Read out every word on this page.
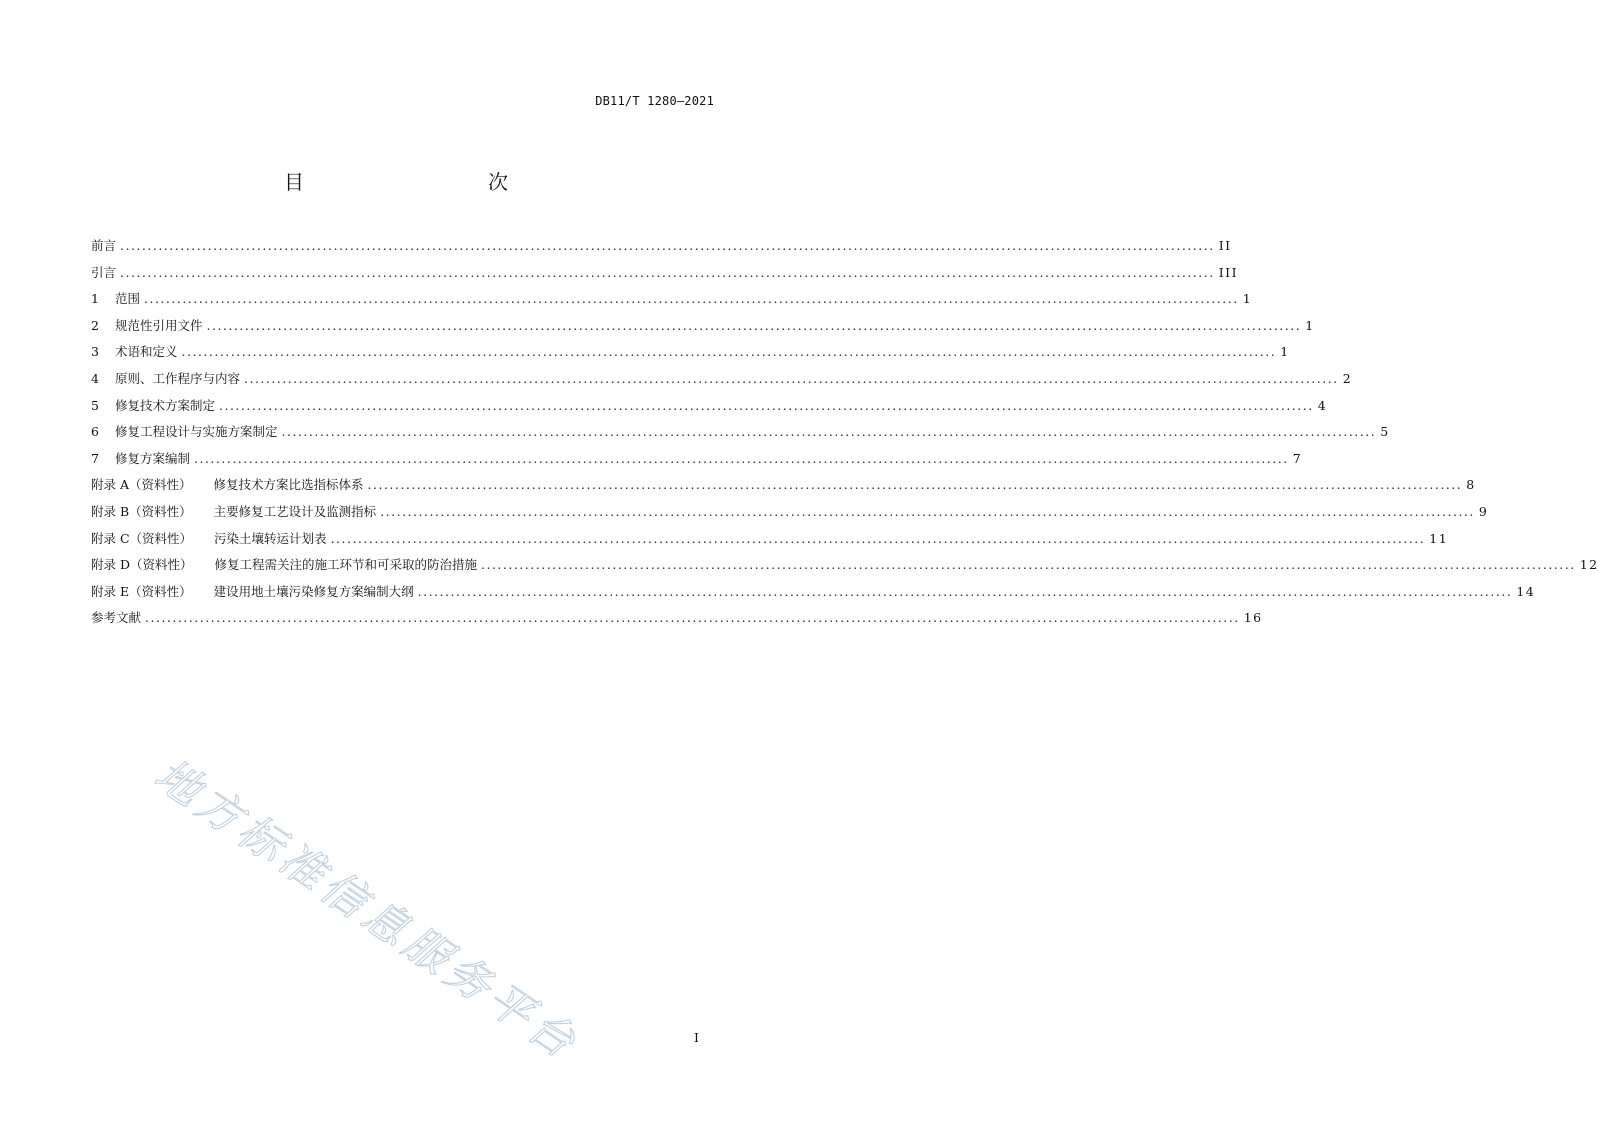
DB11/T 1280—2021
目　　次
前言 ........................................................................................................................................................................................................ II
引言 ........................................................................................................................................................................................................ III
1 范围 ........................................................................................................................................................................................................ 1
2 规范性引用文件 ........................................................................................................................................................................................................ 1
3 术语和定义 ........................................................................................................................................................................................................ 1
4 原则、工作程序与内容 ........................................................................................................................................................................................................ 2
5 修复技术方案制定 ........................................................................................................................................................................................................ 4
6 修复工程设计与实施方案制定 ........................................................................................................................................................................................................ 5
7 修复方案编制 ........................................................................................................................................................................................................ 7
附录 A（资料性） 修复技术方案比选指标体系 ........................................................................................................................................................................................................ 8
附录 B（资料性） 主要修复工艺设计及监测指标 ........................................................................................................................................................................................................ 9
附录 C（资料性） 污染土壤转运计划表 ........................................................................................................................................................................................................ 11
附录 D（资料性） 修复工程需关注的施工环节和可采取的防治措施 ........................................................................................................................................................................................................ 12
附录 E（资料性） 建设用地土壤污染修复方案编制大纲 ........................................................................................................................................................................................................ 14
参考文献 ........................................................................................................................................................................................................ 16
地方标准信息服务平台	I
